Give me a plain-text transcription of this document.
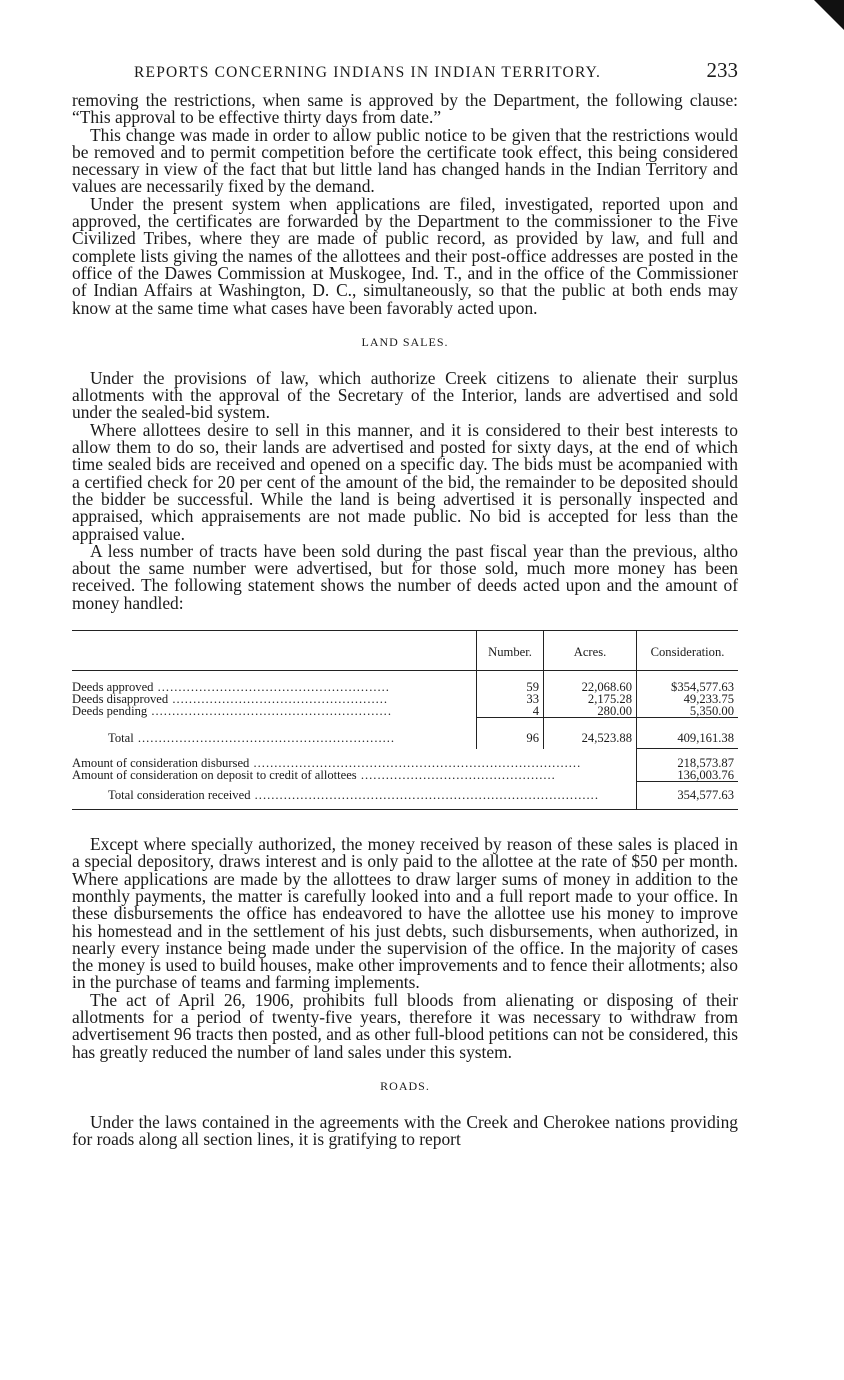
REPORTS CONCERNING INDIANS IN INDIAN TERRITORY.	233

removing the restrictions, when same is approved by the Department, the following clause: “This approval to be effective thirty days from date.”

This change was made in order to allow public notice to be given that the restrictions would be removed and to permit competition before the certificate took effect, this being considered necessary in view of the fact that but little land has changed hands in the Indian Territory and values are necessarily fixed by the demand.

Under the present system when applications are filed, investigated, reported upon and approved, the certificates are forwarded by the Department to the commissioner to the Five Civilized Tribes, where they are made of public record, as provided by law, and full and complete lists giving the names of the allottees and their post-office addresses are posted in the office of the Dawes Commission at Muskogee, Ind. T., and in the office of the Commissioner of Indian Affairs at Washington, D. C., simultaneously, so that the public at both ends may know at the same time what cases have been favorably acted upon.

LAND SALES.

Under the provisions of law, which authorize Creek citizens to alienate their surplus allotments with the approval of the Secretary of the Interior, lands are advertised and sold under the sealed-bid system.

Where allottees desire to sell in this manner, and it is considered to their best interests to allow them to do so, their lands are advertised and posted for sixty days, at the end of which time sealed bids are received and opened on a specific day. The bids must be acompanied with a certified check for 20 per cent of the amount of the bid, the remainder to be deposited should the bidder be successful. While the land is being advertised it is personally inspected and appraised, which appraisements are not made public. No bid is accepted for less than the appraised value.

A less number of tracts have been sold during the past fiscal year than the previous, altho about the same number were advertised, but for those sold, much more money has been received. The following statement shows the number of deeds acted upon and the amount of money handled:

	Number.	Acres.	Consideration.

Deeds approved ........................................................	59	22,068.60	$354,577.63
Deeds disapproved ....................................................	33	2,175.28	49,233.75
Deeds pending ..........................................................	4	280.00	5,350.00

Total ..............................................................	96	24,523.88	409,161.38
Amount of consideration disbursed ...............................................................................			218,573.87
Amount of consideration on deposit to credit of allottees ...............................................			136,003.76
Total consideration received ...................................................................................			354,577.63

Except where specially authorized, the money received by reason of these sales is placed in a special depository, draws interest and is only paid to the allottee at the rate of $50 per month. Where applications are made by the allottees to draw larger sums of money in addition to the monthly payments, the matter is carefully looked into and a full report made to your office. In these disbursements the office has endeavored to have the allottee use his money to improve his homestead and in the settlement of his just debts, such disbursements, when authorized, in nearly every instance being made under the supervision of the office. In the majority of cases the money is used to build houses, make other improvements and to fence their allotments; also in the purchase of teams and farming implements.

The act of April 26, 1906, prohibits full bloods from alienating or disposing of their allotments for a period of twenty-five years, therefore it was necessary to withdraw from advertisement 96 tracts then posted, and as other full-blood petitions can not be considered, this has greatly reduced the number of land sales under this system.

ROADS.

Under the laws contained in the agreements with the Creek and Cherokee nations providing for roads along all section lines, it is gratifying to report
